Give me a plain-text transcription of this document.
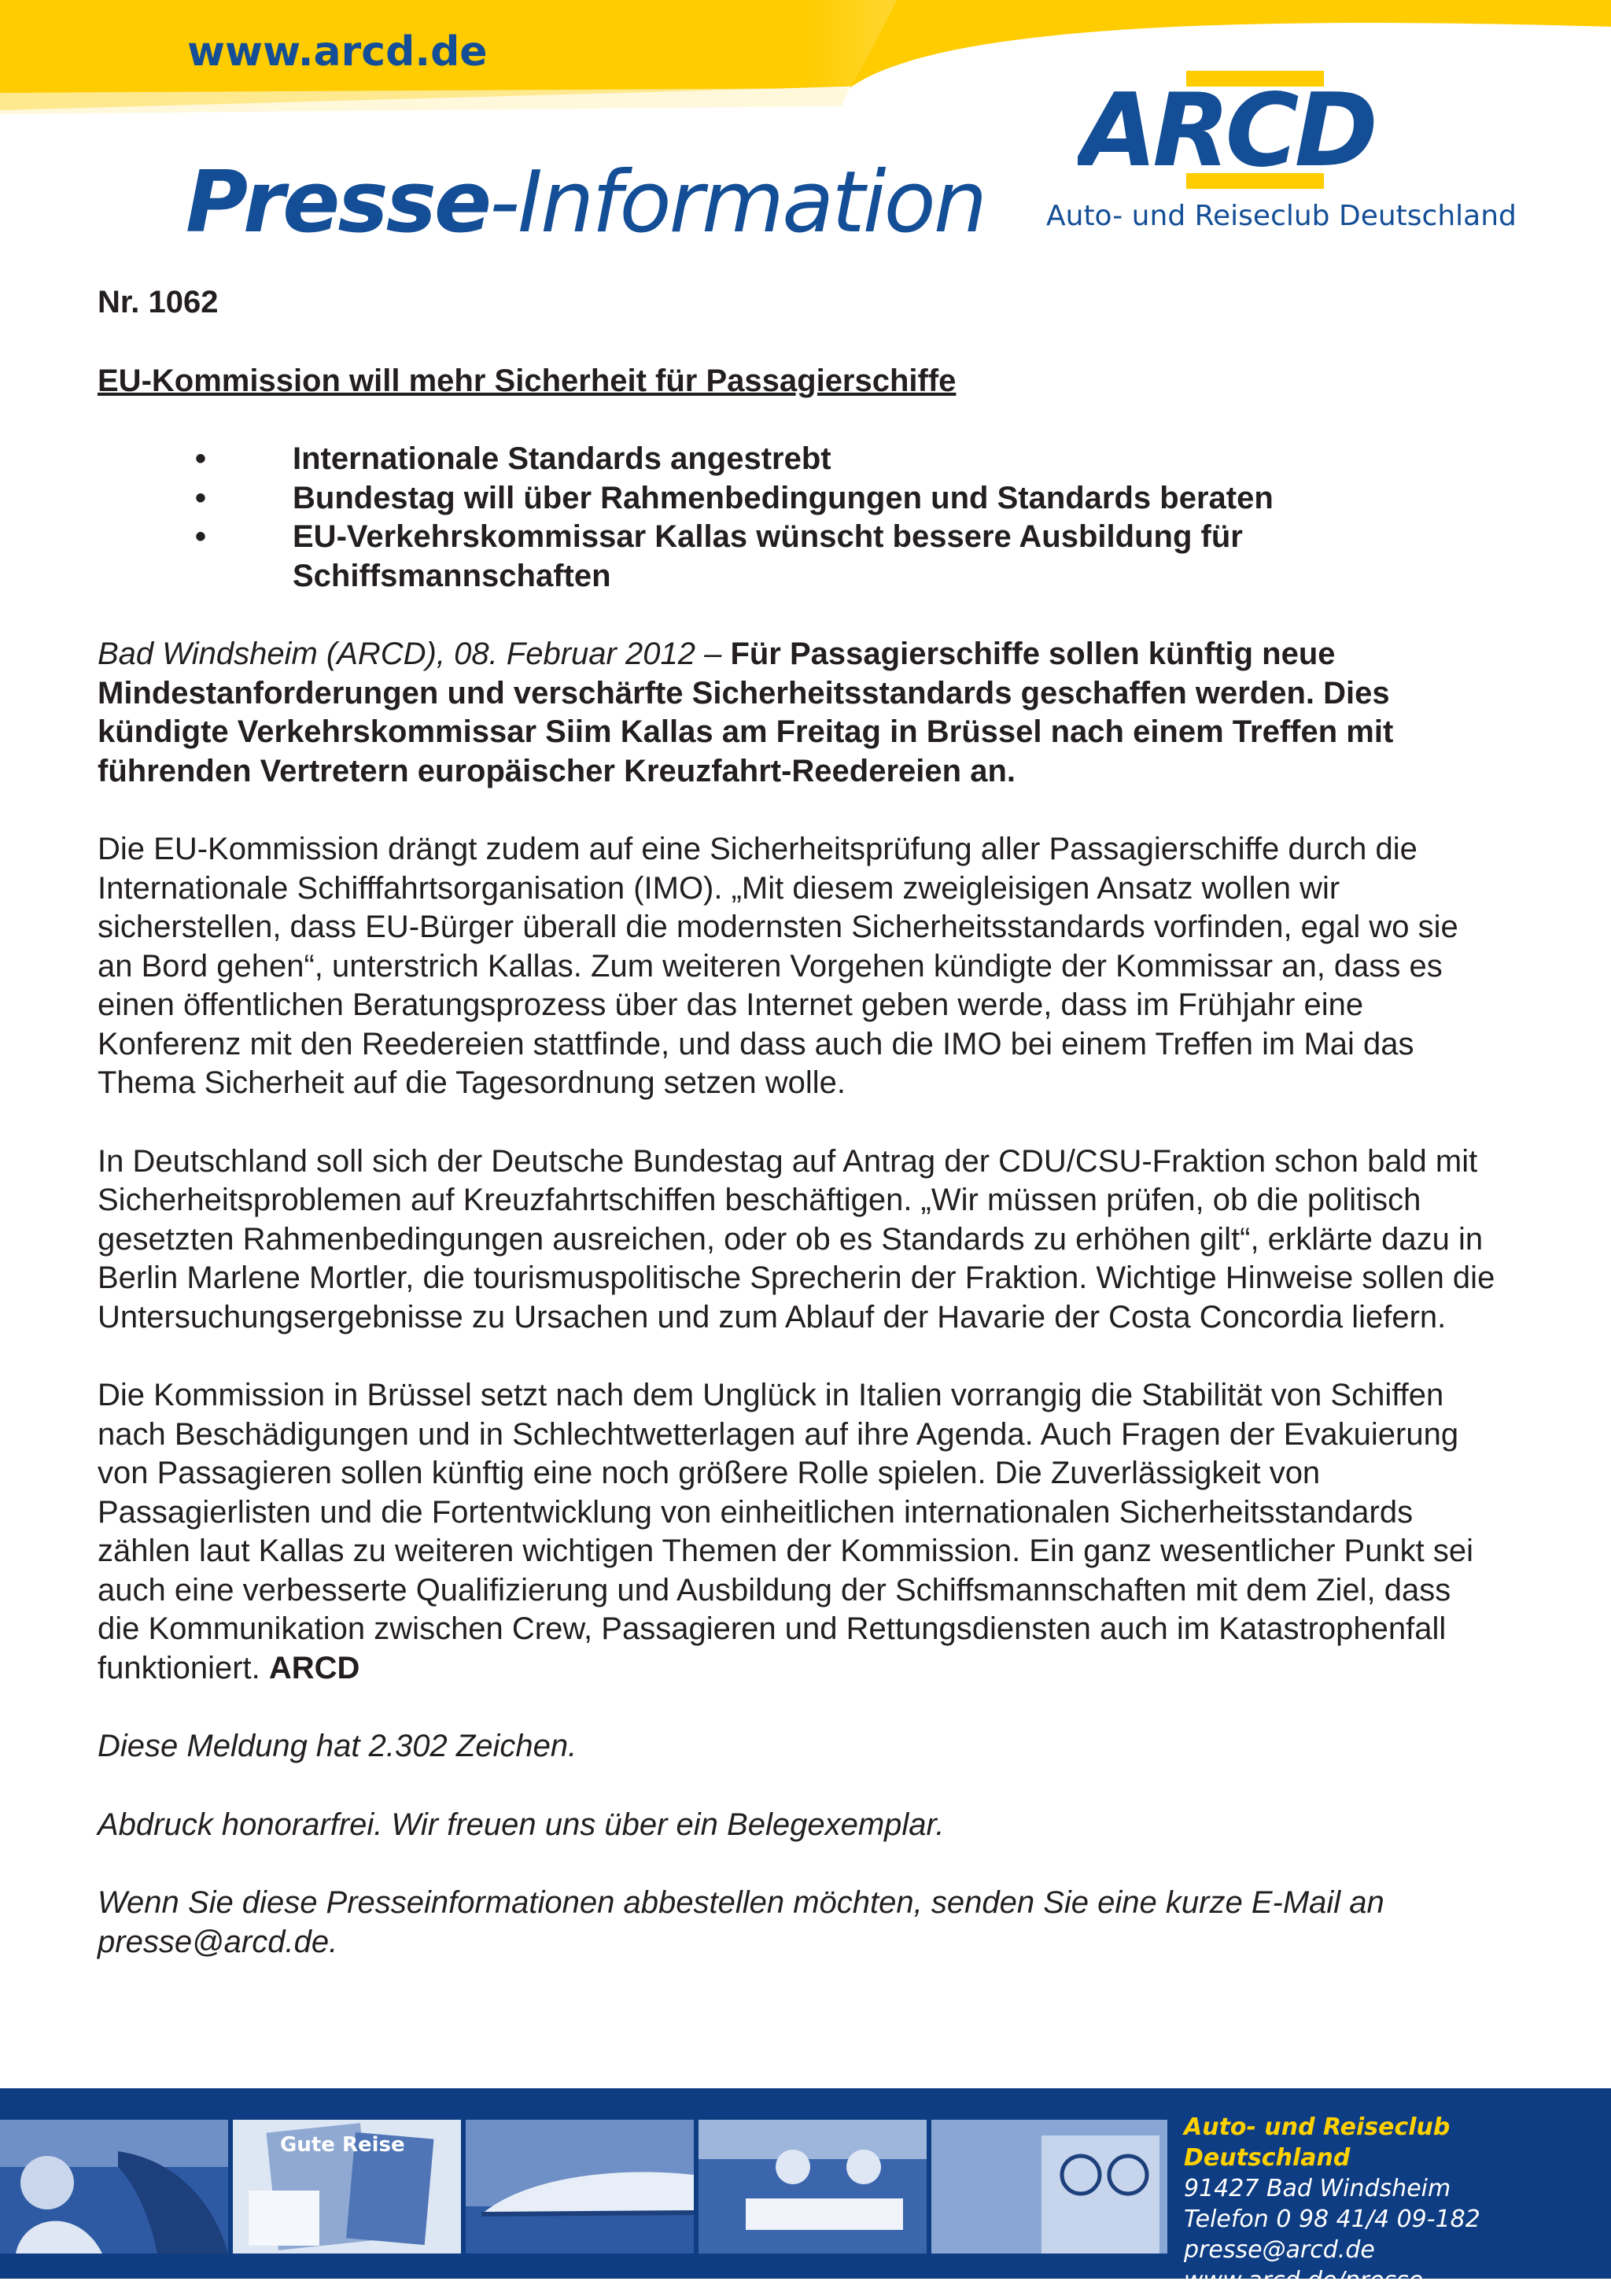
www.arcd.de
Presse-Information
ARCD
Auto- und Reiseclub Deutschland

Nr. 1062

EU-Kommission will mehr Sicherheit für Passagierschiffe

•	Internationale Standards angestrebt
•	Bundestag will über Rahmenbedingungen und Standards beraten
•	EU-Verkehrskommissar Kallas wünscht bessere Ausbildung für Schiffsmannschaften

Bad Windsheim (ARCD), 08. Februar 2012 – Für Passagierschiffe sollen künftig neue Mindestanforderungen und verschärfte Sicherheitsstandards geschaffen werden. Dies kündigte Verkehrskommissar Siim Kallas am Freitag in Brüssel nach einem Treffen mit führenden Vertretern europäischer Kreuzfahrt-Reedereien an.

Die EU-Kommission drängt zudem auf eine Sicherheitsprüfung aller Passagierschiffe durch die Internationale Schifffahrtsorganisation (IMO). „Mit diesem zweigleisigen Ansatz wollen wir sicherstellen, dass EU-Bürger überall die modernsten Sicherheitsstandards vorfinden, egal wo sie an Bord gehen“, unterstrich Kallas. Zum weiteren Vorgehen kündigte der Kommissar an, dass es einen öffentlichen Beratungsprozess über das Internet geben werde, dass im Frühjahr eine Konferenz mit den Reedereien stattfinde, und dass auch die IMO bei einem Treffen im Mai das Thema Sicherheit auf die Tagesordnung setzen wolle.

In Deutschland soll sich der Deutsche Bundestag auf Antrag der CDU/CSU-Fraktion schon bald mit Sicherheitsproblemen auf Kreuzfahrtschiffen beschäftigen. „Wir müssen prüfen, ob die politisch gesetzten Rahmenbedingungen ausreichen, oder ob es Standards zu erhöhen gilt“, erklärte dazu in Berlin Marlene Mortler, die tourismuspolitische Sprecherin der Fraktion. Wichtige Hinweise sollen die Untersuchungsergebnisse zu Ursachen und zum Ablauf der Havarie der Costa Concordia liefern.

Die Kommission in Brüssel setzt nach dem Unglück in Italien vorrangig die Stabilität von Schiffen nach Beschädigungen und in Schlechtwetterlagen auf ihre Agenda. Auch Fragen der Evakuierung von Passagieren sollen künftig eine noch größere Rolle spielen. Die Zuverlässigkeit von Passagierlisten und die Fortentwicklung von einheitlichen internationalen Sicherheitsstandards zählen laut Kallas zu weiteren wichtigen Themen der Kommission. Ein ganz wesentlicher Punkt sei auch eine verbesserte Qualifizierung und Ausbildung der Schiffsmannschaften mit dem Ziel, dass die Kommunikation zwischen Crew, Passagieren und Rettungsdiensten auch im Katastrophenfall funktioniert. ARCD

Diese Meldung hat 2.302 Zeichen.

Abdruck honorarfrei. Wir freuen uns über ein Belegexemplar.

Wenn Sie diese Presseinformationen abbestellen möchten, senden Sie eine kurze E-Mail an presse@arcd.de.

Gute Reise
Auto- und Reiseclub Deutschland
91427 Bad Windsheim
Telefon 0 98 41/4 09-182
presse@arcd.de
www.arcd.de/presse
